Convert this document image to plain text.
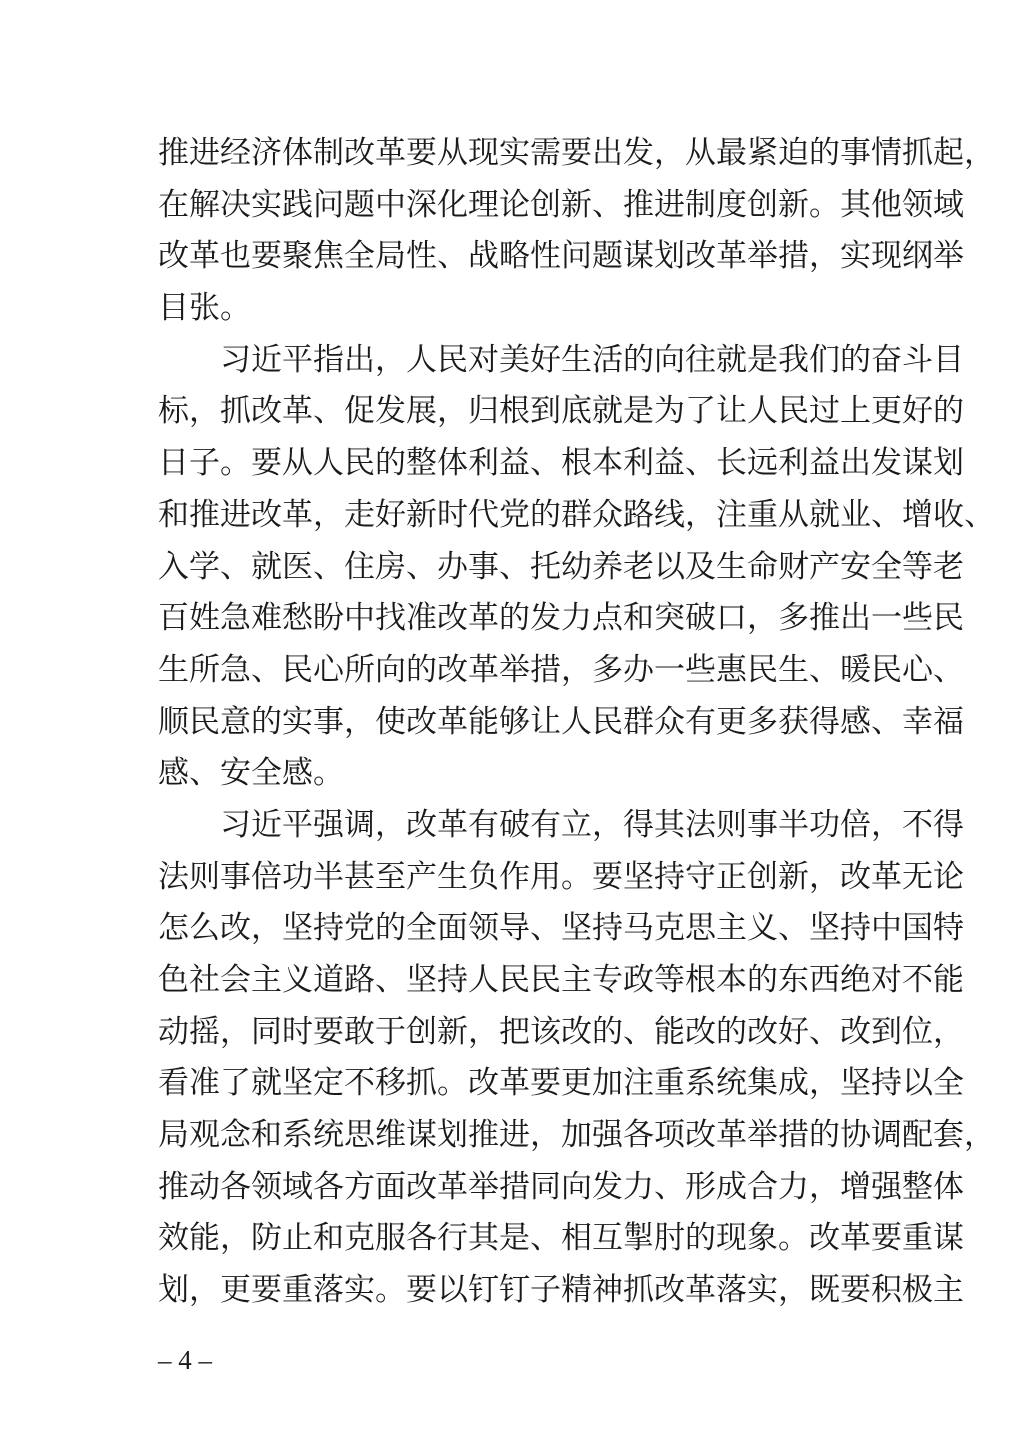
推进经济体制改革要从现实需要出发，从最紧迫的事情抓起，
在解决实践问题中深化理论创新、推进制度创新。其他领域
改革也要聚焦全局性、战略性问题谋划改革举措，实现纲举
目张。
习近平指出，人民对美好生活的向往就是我们的奋斗目
标，抓改革、促发展，归根到底就是为了让人民过上更好的
日子。要从人民的整体利益、根本利益、长远利益出发谋划
和推进改革，走好新时代党的群众路线，注重从就业、增收、
入学、就医、住房、办事、托幼养老以及生命财产安全等老
百姓急难愁盼中找准改革的发力点和突破口，多推出一些民
生所急、民心所向的改革举措，多办一些惠民生、暖民心、
顺民意的实事，使改革能够让人民群众有更多获得感、幸福
感、安全感。
习近平强调，改革有破有立，得其法则事半功倍，不得
法则事倍功半甚至产生负作用。要坚持守正创新，改革无论
怎么改，坚持党的全面领导、坚持马克思主义、坚持中国特
色社会主义道路、坚持人民民主专政等根本的东西绝对不能
动摇，同时要敢于创新，把该改的、能改的改好、改到位，
看准了就坚定不移抓。改革要更加注重系统集成，坚持以全
局观念和系统思维谋划推进，加强各项改革举措的协调配套，
推动各领域各方面改革举措同向发力、形成合力，增强整体
效能，防止和克服各行其是、相互掣肘的现象。改革要重谋
划，更要重落实。要以钉钉子精神抓改革落实，既要积极主
– 4 –
